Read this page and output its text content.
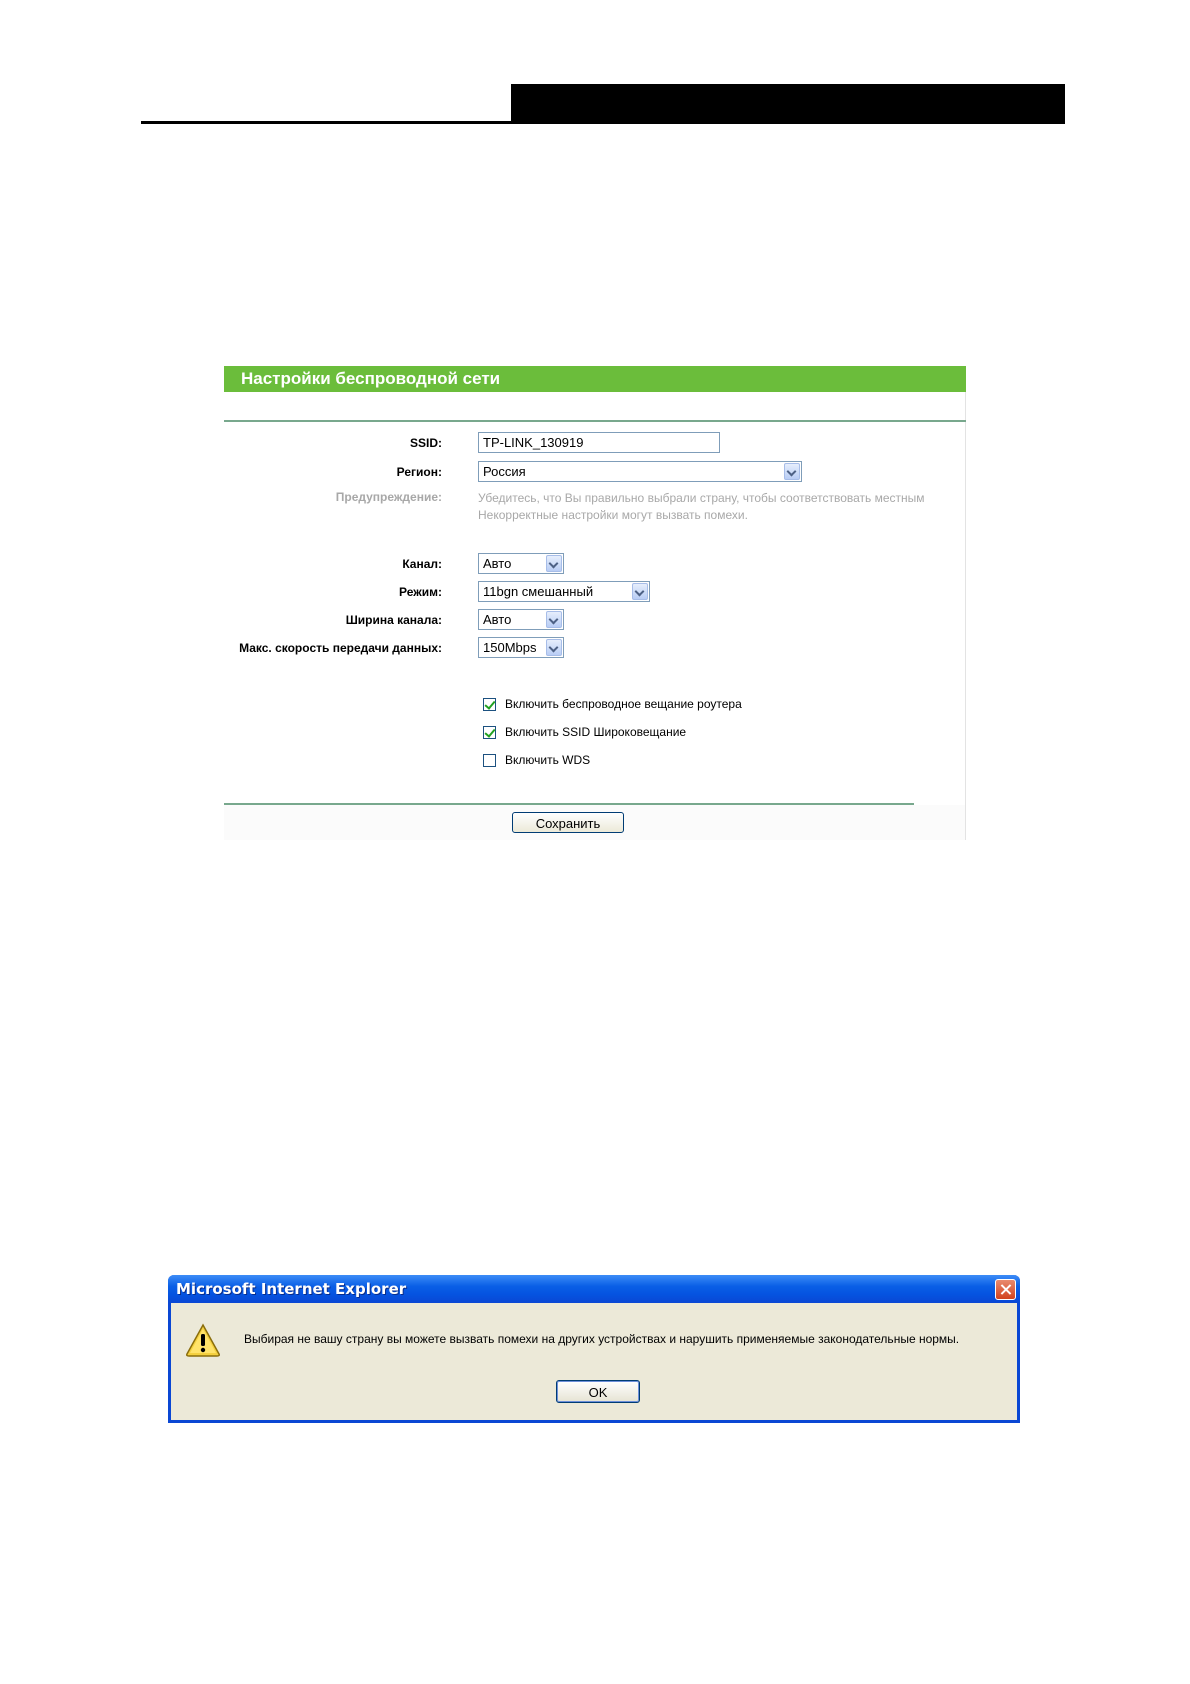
Настройки беспроводной сети
SSID:	TP-LINK_130919
Регион:	Россия
Предупреждение:	Убедитесь, что Вы правильно выбрали страну, чтобы соответствовать местным
Некорректные настройки могут вызвать помехи.
Канал:	Авто
Режим:	11bgn смешанный
Ширина канала:	Авто
Макс. скорость передачи данных:	150Mbps
Включить беспроводное вещание роутера
Включить SSID Широковещание
Включить WDS
Сохранить
Microsoft Internet Explorer
Выбирая не вашу страну вы можете вызвать помехи на других устройствах и нарушить применяемые законодательные нормы.
OK
